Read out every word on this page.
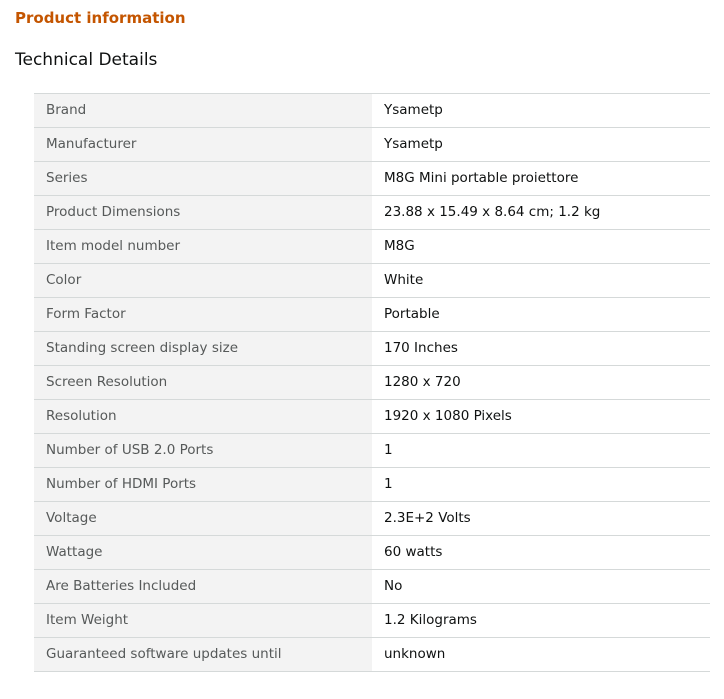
Product information
Technical Details
Brand	Ysametp
Manufacturer	Ysametp
Series	M8G Mini portable proiettore
Product Dimensions	23.88 x 15.49 x 8.64 cm; 1.2 kg
Item model number	M8G
Color	White
Form Factor	Portable
Standing screen display size	170 Inches
Screen Resolution	1280 x 720
Resolution	1920 x 1080 Pixels
Number of USB 2.0 Ports	1
Number of HDMI Ports	1
Voltage	2.3E+2 Volts
Wattage	60 watts
Are Batteries Included	No
Item Weight	1.2 Kilograms
Guaranteed software updates until	unknown
